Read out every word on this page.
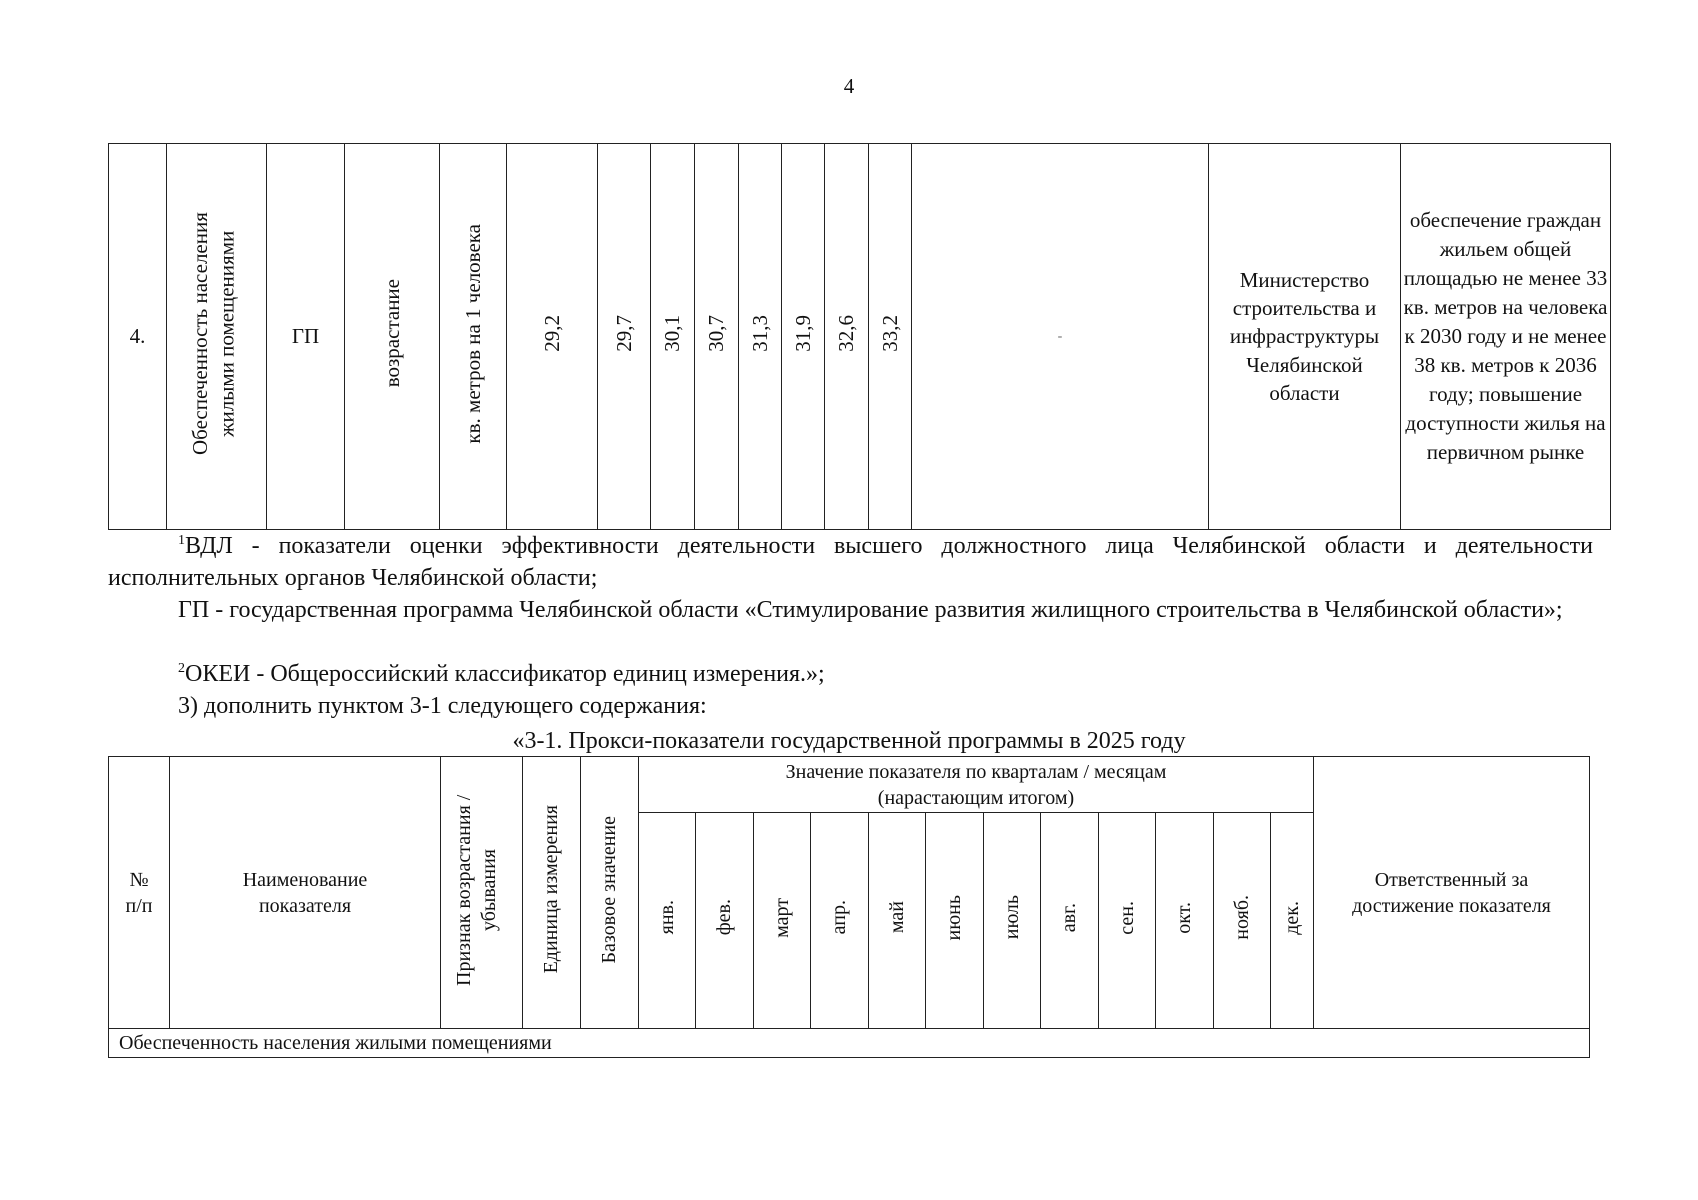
4
4.	Обеспеченность населения жилыми помещениями	ГП	возрастание	кв. метров на 1 человека	29,2	29,7	30,1	30,7	31,3	31,9	32,6	33,2	-	Министерство строительства и инфраструктуры Челябинской области	обеспечение граждан жильем общей площадью не менее 33 кв. метров на человека к 2030 году и не менее 38 кв. метров к 2036 году; повышение доступности жилья на первичном рынке
$^1$ВДЛ - показатели оценки эффективности деятельности высшего должностного лица Челябинской области и деятельности исполнительных органов Челябинской области;
ГП - государственная программа Челябинской области «Стимулирование развития жилищного строительства в Челябинской области»;
$^2$ОКЕИ - Общероссийский классификатор единиц измерения.»;
3) дополнить пунктом 3-1 следующего содержания:
«3-1. Прокси-показатели государственной программы в 2025 году
№ п/п	Наименование показателя	Признак возрастания / убывания	Единица измерения	Базовое значение	Значение показателя по кварталам / месяцам (нарастающим итогом)												Ответственный за достижение показателя
					янв.	фев.	март	апр.	май	июнь	июль	авг.	сен.	окт.	нояб.	дек.	
Обеспеченность населения жилыми помещениями																	
